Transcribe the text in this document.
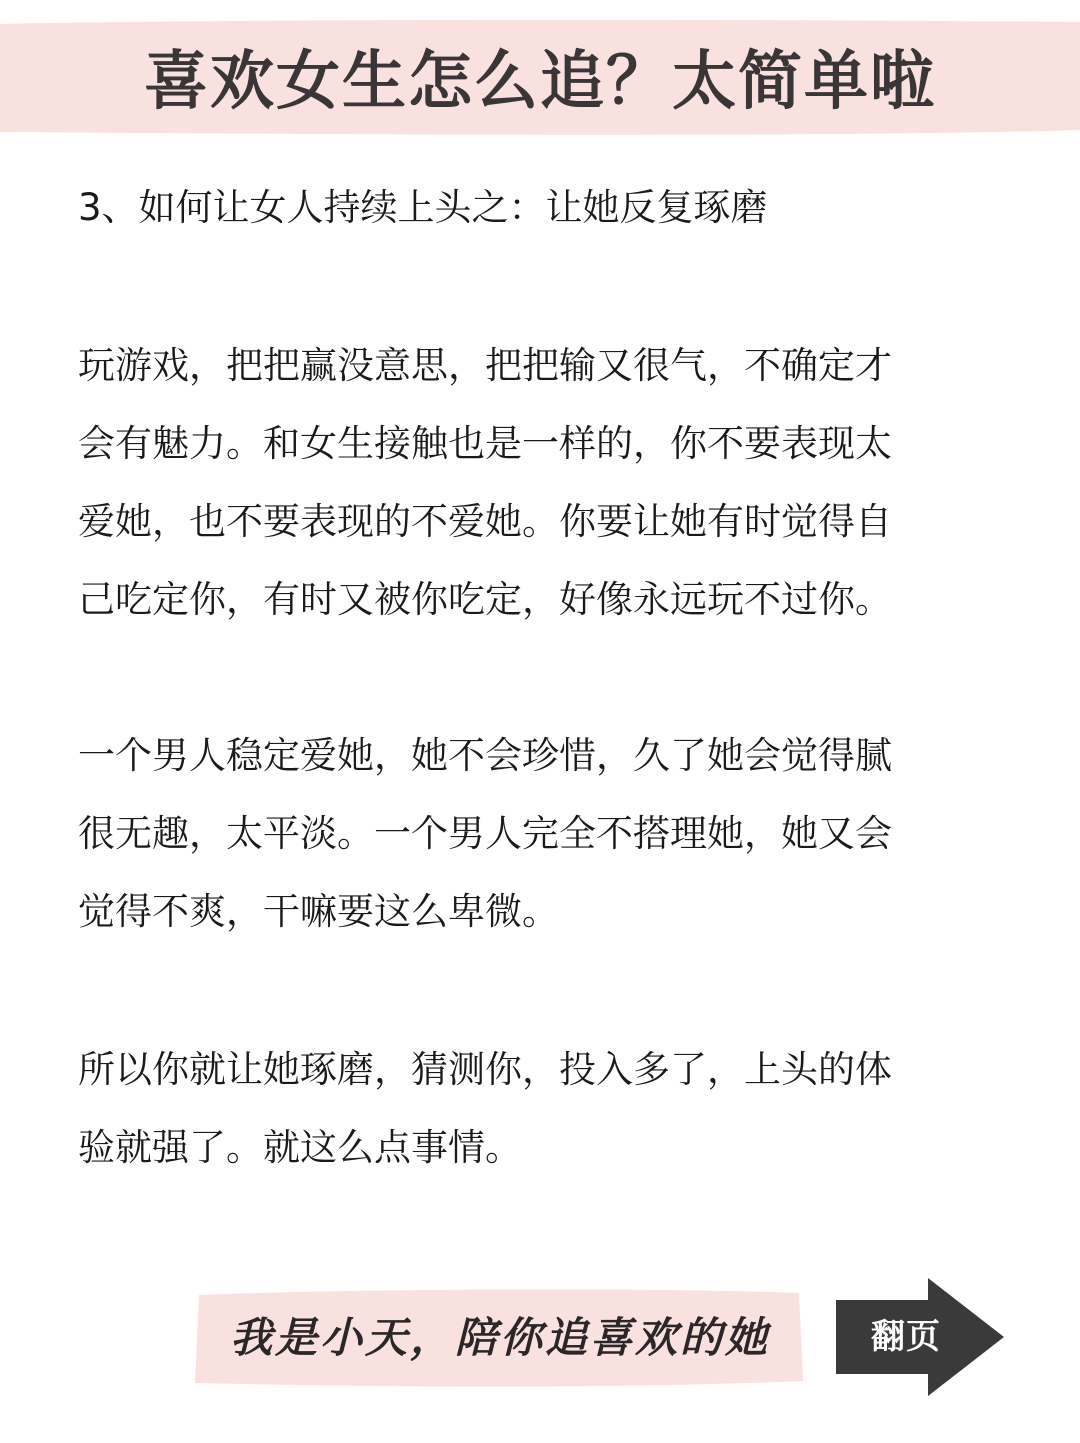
喜欢女生怎么追？太简单啦
3、如何让女人持续上头之：让她反复琢磨
玩游戏，把把赢没意思，把把输又很气，不确定才
会有魅力。和女生接触也是一样的，你不要表现太
爱她，也不要表现的不爱她。你要让她有时觉得自
己吃定你，有时又被你吃定，好像永远玩不过你。
一个男人稳定爱她，她不会珍惜，久了她会觉得腻
很无趣，太平淡。一个男人完全不搭理她，她又会
觉得不爽，干嘛要这么卑微。
所以你就让她琢磨，猜测你，投入多了，上头的体
验就强了。就这么点事情。
我是小天，陪你追喜欢的她	翻页
